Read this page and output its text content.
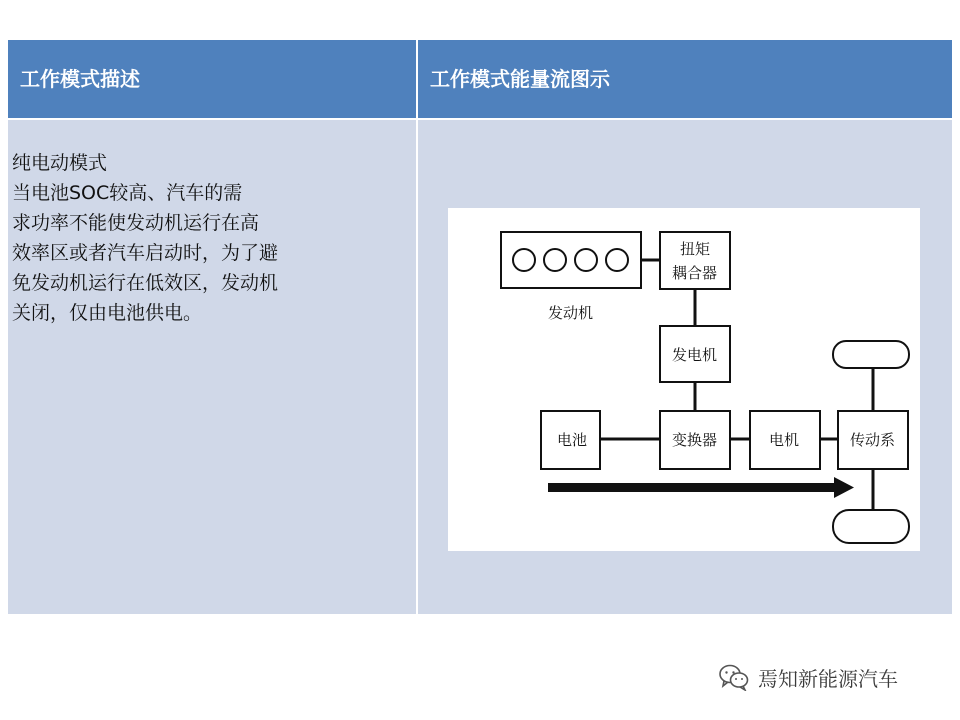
工作模式描述	工作模式能量流图示
纯电动模式
当电池SOC较高、汽车的需
求功率不能使发动机运行在高
效率区或者汽车启动时，为了避
免发动机运行在低效区，发动机
关闭，仅由电池供电。	发动机
扭矩
耦合器
发电机
电池	变换器	电机	传动系
焉知新能源汽车
